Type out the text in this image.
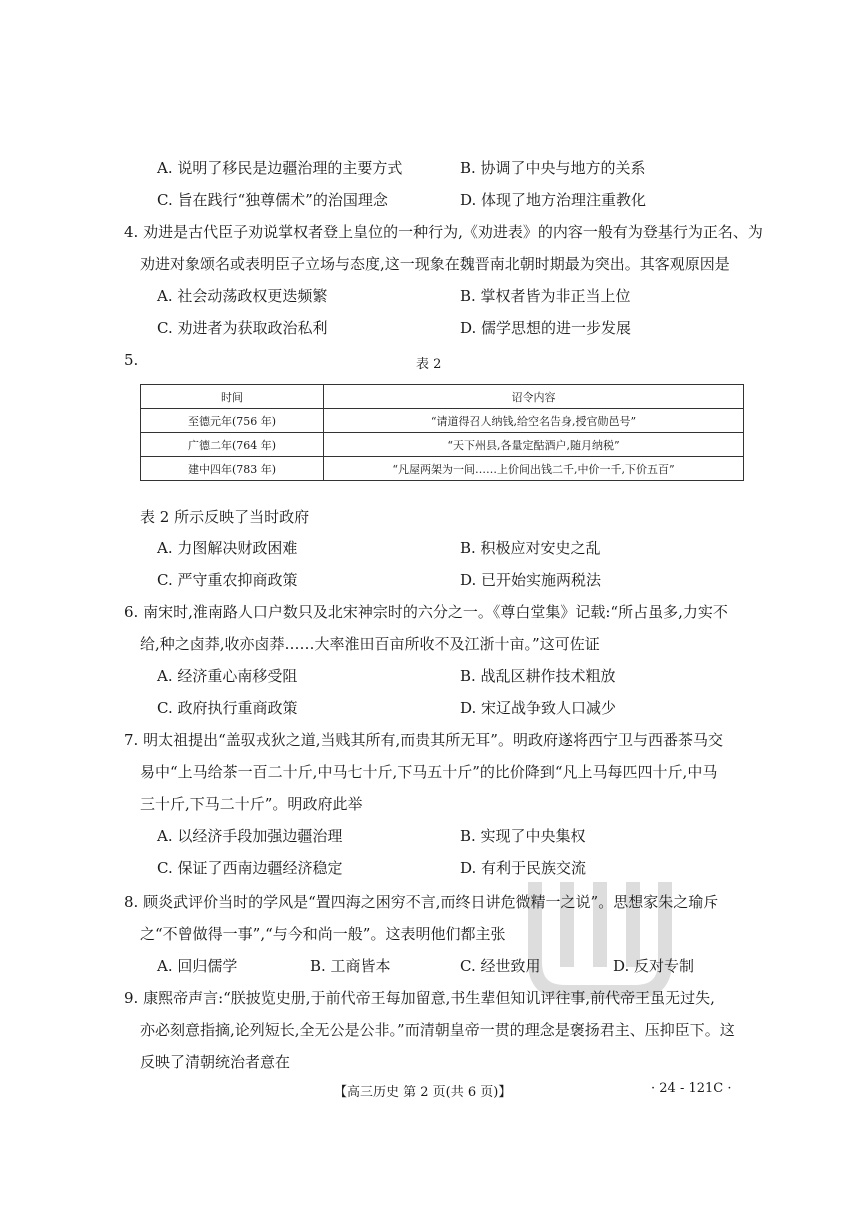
A. 说明了移民是边疆治理的主要方式	B. 协调了中央与地方的关系
C. 旨在践行“独尊儒术”的治国理念	D. 体现了地方治理注重教化
4. 劝进是古代臣子劝说掌权者登上皇位的一种行为,《劝进表》的内容一般有为登基行为正名、为
劝进对象颂名或表明臣子立场与态度,这一现象在魏晋南北朝时期最为突出。其客观原因是
A. 社会动荡政权更迭频繁	B. 掌权者皆为非正当上位
C. 劝进者为获取政治私利	D. 儒学思想的进一步发展
5.	表 2
时间	诏令内容
至德元年(756 年)	“请道得召人纳钱,给空名告身,授官勋邑号”
广德二年(764 年)	“天下州县,各量定酤酒户,随月纳税”
建中四年(783 年)	“凡屋两架为一间……上价间出钱二千,中价一千,下价五百”
表 2 所示反映了当时政府
A. 力图解决财政困难	B. 积极应对安史之乱
C. 严守重农抑商政策	D. 已开始实施两税法
6. 南宋时,淮南路人口户数只及北宋神宗时的六分之一。《尊白堂集》记载:“所占虽多,力实不
给,种之卤莽,收亦卤莽……大率淮田百亩所收不及江浙十亩。”这可佐证
A. 经济重心南移受阻	B. 战乱区耕作技术粗放
C. 政府执行重商政策	D. 宋辽战争致人口减少
7. 明太祖提出“盖驭戎狄之道,当贱其所有,而贵其所无耳”。明政府遂将西宁卫与西番茶马交
易中“上马给茶一百二十斤,中马七十斤,下马五十斤”的比价降到“凡上马每匹四十斤,中马
三十斤,下马二十斤”。明政府此举
A. 以经济手段加强边疆治理	B. 实现了中央集权
C. 保证了西南边疆经济稳定	D. 有利于民族交流
8. 顾炎武评价当时的学风是“置四海之困穷不言,而终日讲危微精一之说”。思想家朱之瑜斥
之“不曾做得一事”,“与今和尚一般”。这表明他们都主张
A. 回归儒学	B. 工商皆本	C. 经世致用	D. 反对专制
9. 康熙帝声言:“朕披览史册,于前代帝王每加留意,书生辈但知讥评往事,前代帝王虽无过失,
亦必刻意指摘,论列短长,全无公是公非。”而清朝皇帝一贯的理念是褒扬君主、压抑臣下。这
反映了清朝统治者意在
【高三历史 第 2 页(共 6 页)】	· 24 - 121C ·
